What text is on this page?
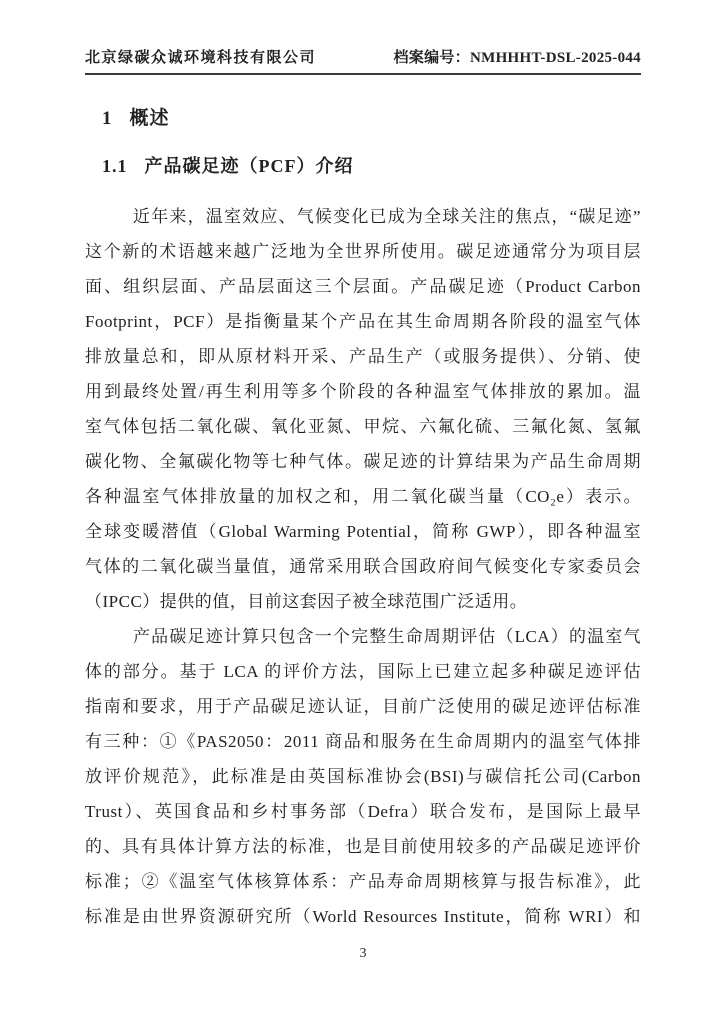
北京绿碳众诚环境科技有限公司	档案编号：NMHHHT-DSL-2025-044
1 概述
1.1 产品碳足迹（PCF）介绍
近年来，温室效应、气候变化已成为全球关注的焦点，“碳足迹”
这个新的术语越来越广泛地为全世界所使用。碳足迹通常分为项目层
面、组织层面、产品层面这三个层面。产品碳足迹（Product Carbon
Footprint，PCF）是指衡量某个产品在其生命周期各阶段的温室气体
排放量总和，即从原材料开采、产品生产（或服务提供）、分销、使
用到最终处置/再生利用等多个阶段的各种温室气体排放的累加。温
室气体包括二氧化碳、氧化亚氮、甲烷、六氟化硫、三氟化氮、氢氟
碳化物、全氟碳化物等七种气体。碳足迹的计算结果为产品生命周期
各种温室气体排放量的加权之和，用二氧化碳当量（CO₂e）表示。
全球变暖潜值（Global Warming Potential，简称 GWP），即各种温室
气体的二氧化碳当量值，通常采用联合国政府间气候变化专家委员会
（IPCC）提供的值，目前这套因子被全球范围广泛适用。
产品碳足迹计算只包含一个完整生命周期评估（LCA）的温室气
体的部分。基于 LCA 的评价方法，国际上已建立起多种碳足迹评估
指南和要求，用于产品碳足迹认证，目前广泛使用的碳足迹评估标准
有三种：①《PAS2050：2011 商品和服务在生命周期内的温室气体排
放评价规范》，此标准是由英国标准协会(BSI)与碳信托公司(Carbon
Trust）、英国食品和乡村事务部（Defra）联合发布，是国际上最早
的、具有具体计算方法的标准，也是目前使用较多的产品碳足迹评价
标准；②《温室气体核算体系：产品寿命周期核算与报告标准》，此
标准是由世界资源研究所（World Resources Institute，简称 WRI）和
3
